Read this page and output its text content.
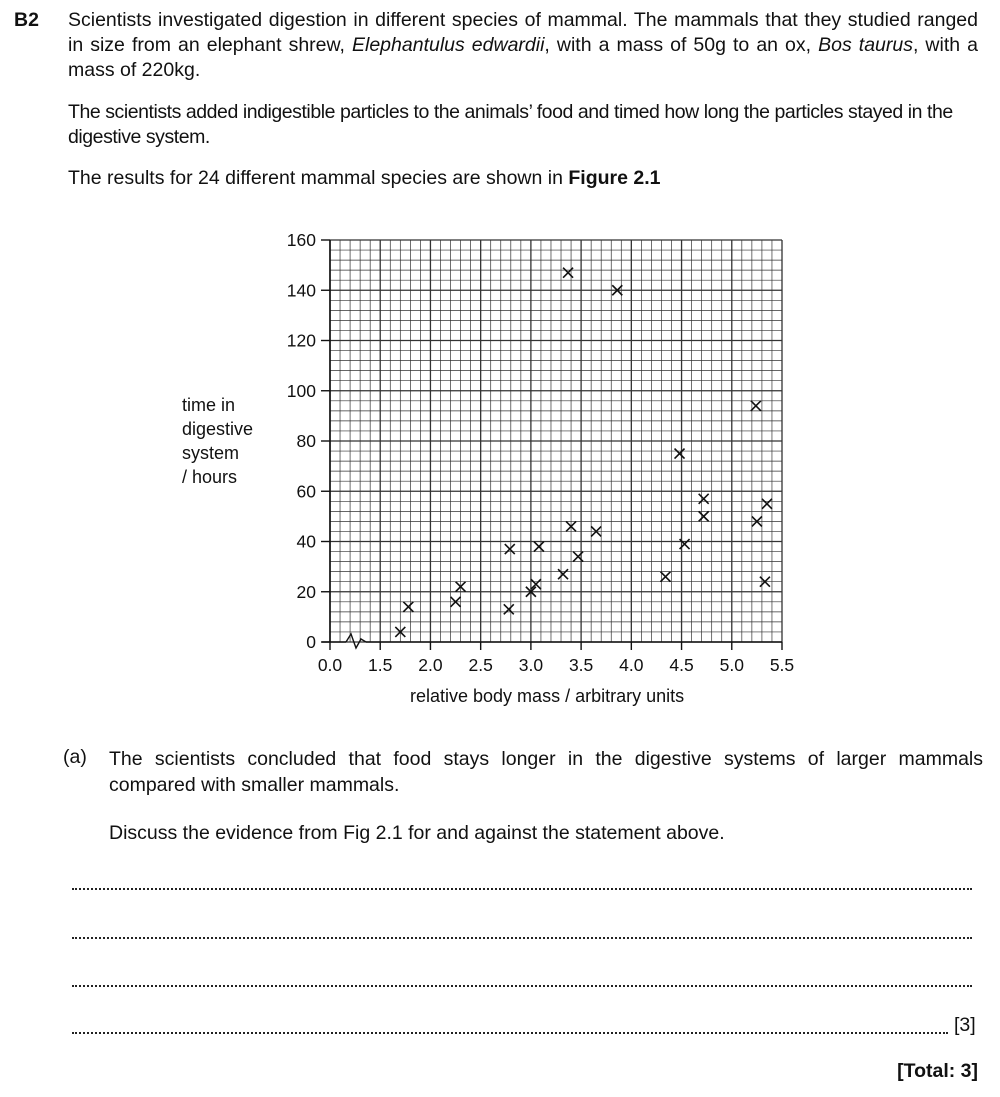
B2 Scientists investigated digestion in different species of mammal. The mammals that they studied ranged in size from an elephant shrew, Elephantulus edwardii, with a mass of 50g to an ox, Bos taurus, with a mass of 220kg.

The scientists added indigestible particles to the animals’ food and timed how long the particles stayed in the digestive system.

The results for 24 different mammal species are shown in Figure 2.1

time in
digestive
system
/ hours
0
20
40
60
80
100
120
140
160
0.0 1.5 2.0 2.5 3.0 3.5 4.0 4.5 5.0 5.5
relative body mass / arbitrary units
(a) The scientists concluded that food stays longer in the digestive systems of larger mammals compared with smaller mammals.

Discuss the evidence from Fig 2.1 for and against the statement above.
[3]
[Total: 3]
